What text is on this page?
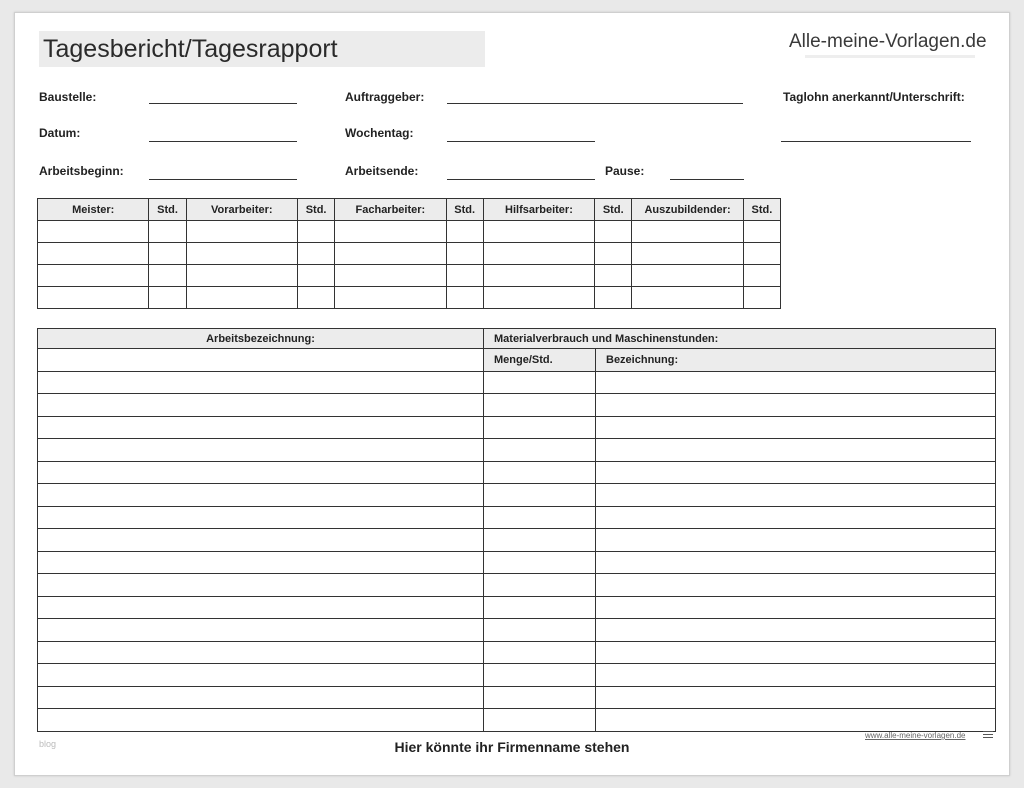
Tagesbericht/Tagesrapport	Alle-meine-Vorlagen.de
Baustelle:	Auftraggeber:	Taglohn anerkannt/Unterschrift:
Datum:	Wochentag:
Arbeitsbeginn:	Arbeitsende:	Pause:
Meister:	Std.	Vorarbeiter:	Std.	Facharbeiter:	Std.	Hilfsarbeiter:	Std.	Auszubildender:	Std.

Arbeitsbezeichnung:	Materialverbrauch und Maschinenstunden:	
	Menge/Std.	Bezeichnung:

blog
www.alle-meine-vorlagen.de
Hier könnte ihr Firmenname stehen
